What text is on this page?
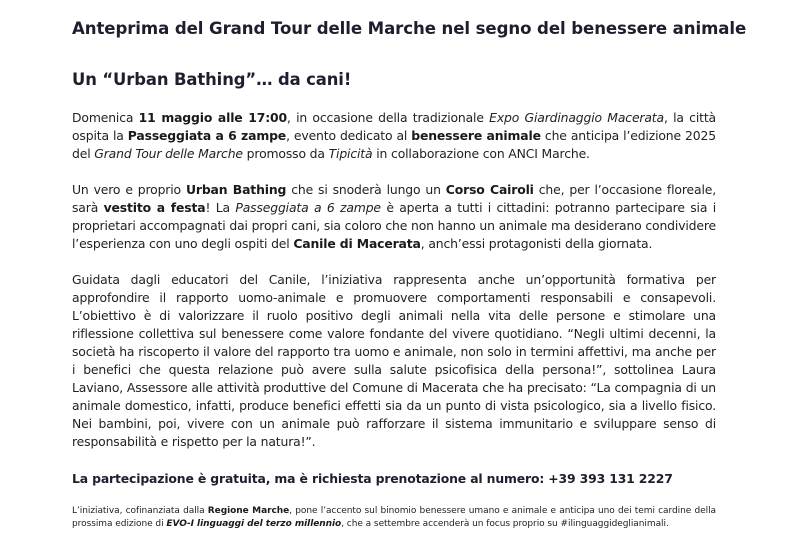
Anteprima del Grand Tour delle Marche nel segno del benessere animale
Un “Urban Bathing”… da cani!

Domenica 11 maggio alle 17:00, in occasione della tradizionale Expo Giardinaggio Macerata, la città ospita la Passeggiata a 6 zampe, evento dedicato al benessere animale che anticipa l’edizione 2025 del Grand Tour delle Marche promosso da Tipicità in collaborazione con ANCI Marche.

Un vero e proprio Urban Bathing che si snoderà lungo un Corso Cairoli che, per l’occasione floreale, sarà vestito a festa! La Passeggiata a 6 zampe è aperta a tutti i cittadini: potranno partecipare sia i proprietari accompagnati dai propri cani, sia coloro che non hanno un animale ma desiderano condividere l’esperienza con uno degli ospiti del Canile di Macerata, anch’essi protagonisti della giornata.

Guidata dagli educatori del Canile, l’iniziativa rappresenta anche un’opportunità formativa per approfondire il rapporto uomo-animale e promuovere comportamenti responsabili e consapevoli. L’obiettivo è di valorizzare il ruolo positivo degli animali nella vita delle persone e stimolare una riflessione collettiva sul benessere come valore fondante del vivere quotidiano. “Negli ultimi decenni, la società ha riscoperto il valore del rapporto tra uomo e animale, non solo in termini affettivi, ma anche per i benefici che questa relazione può avere sulla salute psicofisica della persona!”, sottolinea Laura Laviano, Assessore alle attività produttive del Comune di Macerata che ha precisato: “La compagnia di un animale domestico, infatti, produce benefici effetti sia da un punto di vista psicologico, sia a livello fisico. Nei bambini, poi, vivere con un animale può rafforzare il sistema immunitario e sviluppare senso di responsabilità e rispetto per la natura!”.

La partecipazione è gratuita, ma è richiesta prenotazione al numero: +39 393 131 2227

L’iniziativa, cofinanziata dalla Regione Marche, pone l’accento sul binomio benessere umano e animale e anticipa uno dei temi cardine della prossima edizione di EVO-I linguaggi del terzo millennio, che a settembre accenderà un focus proprio su #ilinguaggideglianimali.
